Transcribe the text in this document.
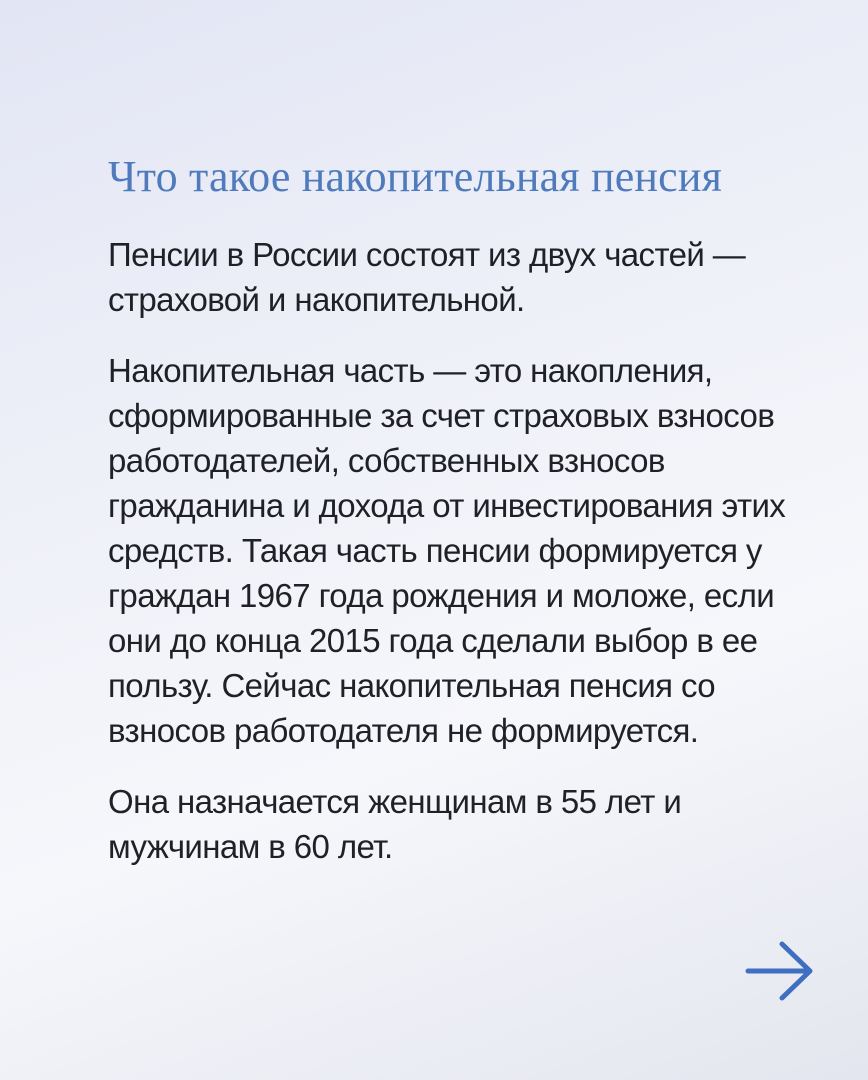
Что такое накопительная пенсия

Пенсии в России состоят из двух частей — страховой и накопительной.

Накопительная часть — это накопления, сформированные за счет страховых взносов работодателей, собственных взносов гражданина и дохода от инвестирования этих средств. Такая часть пенсии формируется у граждан 1967 года рождения и моложе, если они до конца 2015 года сделали выбор в ее пользу. Сейчас накопительная пенсия со взносов работодателя не формируется.

Она назначается женщинам в 55 лет и мужчинам в 60 лет.
